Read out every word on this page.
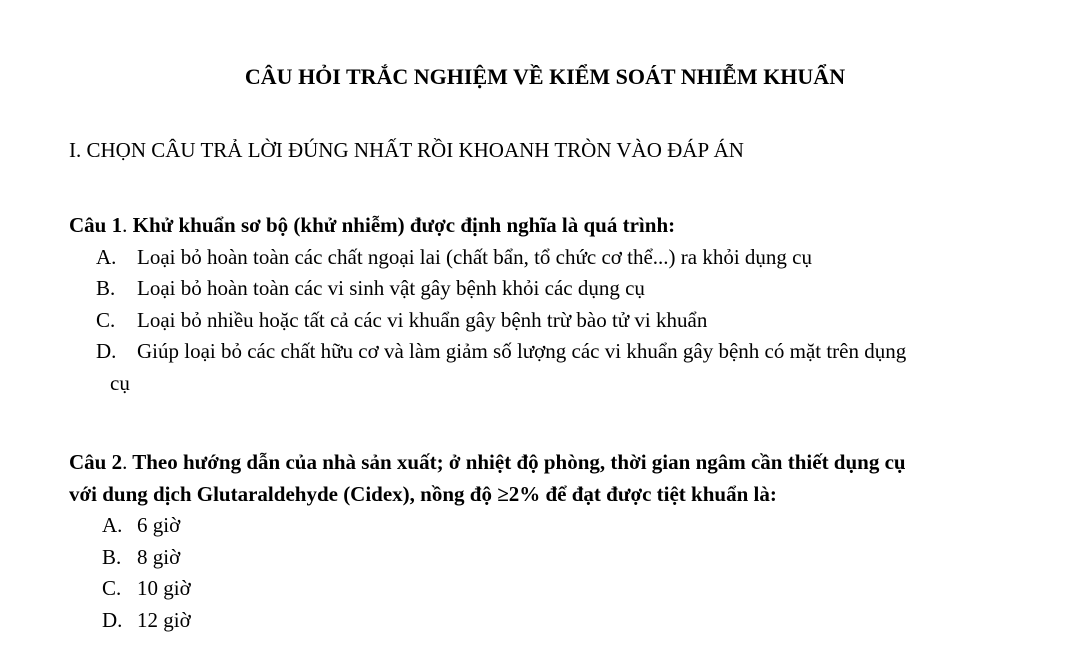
CÂU HỎI TRẮC NGHIỆM VỀ KIỂM SOÁT NHIỄM KHUẨN
I. CHỌN CÂU TRẢ LỜI ĐÚNG NHẤT RỒI KHOANH TRÒN VÀO ĐÁP ÁN

Câu 1. Khử khuẩn sơ bộ (khử nhiễm) được định nghĩa là quá trình:

A. Loại bỏ hoàn toàn các chất ngoại lai (chất bẩn, tổ chức cơ thể...) ra khỏi dụng cụ
B.	Loại bỏ hoàn toàn các vi sinh vật gây bệnh khỏi các dụng cụ
C.	Loại bỏ nhiều hoặc tất cả các vi khuẩn gây bệnh trừ bào tử vi khuẩn
D. Giúp loại bỏ các chất hữu cơ và làm giảm số lượng các vi khuẩn gây bệnh có mặt trên dụng
cụ

Câu 2. Theo hướng dẫn của nhà sản xuất; ở nhiệt độ phòng, thời gian ngâm cần thiết dụng cụ
với dung dịch Glutaraldehyde (Cidex), nồng độ ≥2% để đạt được tiệt khuẩn là:

A. 6 giờ
B. 8 giờ
C. 10 giờ
D. 12 giờ
